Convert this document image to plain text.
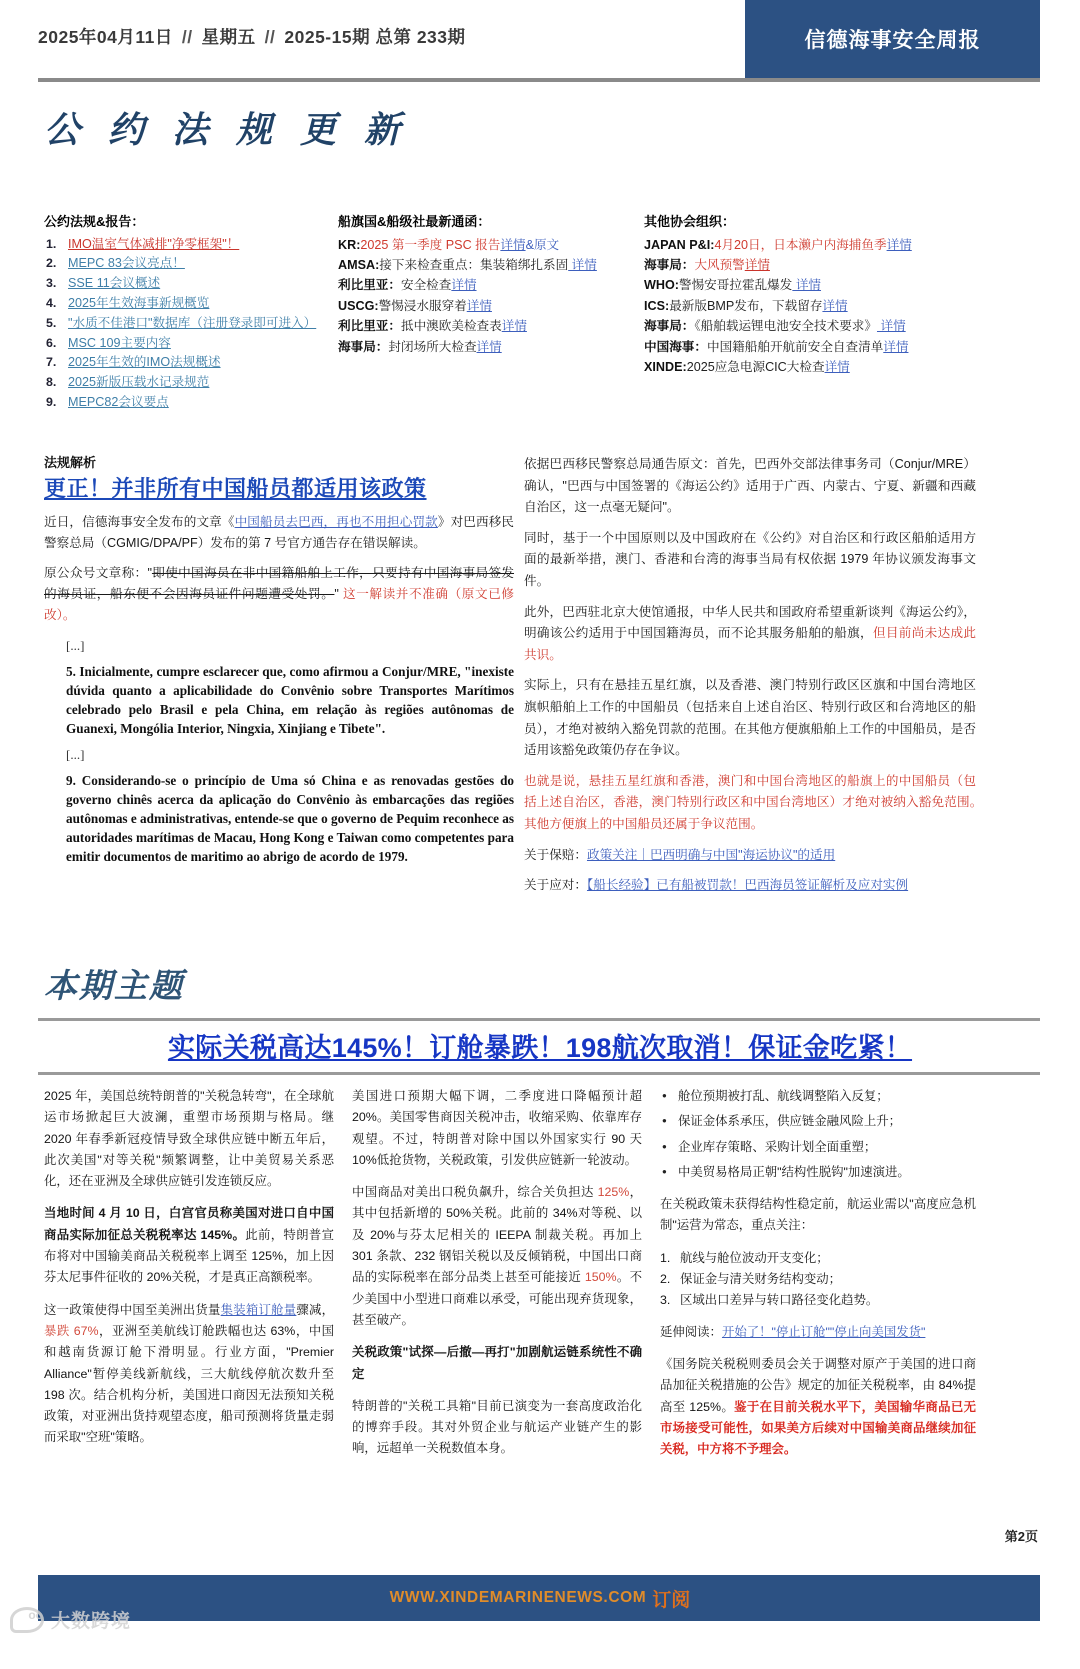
2025年04月11日 // 星期五 // 2025-15期 总第 233期	信德海事安全周报
公 约 法 规 更 新
公约法规&报告：
IMO温室气体减排"净零框架"！
MEPC 83会议亮点！
SSE 11会议概述
2025年生效海事新规概览
"水质不佳港口"数据库（注册登录即可进入）
MSC 109主要内容
2025年生效的IMO法规概述
2025新版压载水记录规范
MEPC82会议要点
船旗国&船级社最新通函：
KR:2025 第一季度 PSC 报告详情&原文
AMSA:接下来检查重点：集装箱绑扎系固 详情
利比里亚：安全检查详情
USCG:警惕浸水服穿着详情
利比里亚：抵中澳欧美检查表详情
海事局：封闭场所大检查详情
其他协会组织：
JAPAN P&I:4月20日，日本濑户内海捕鱼季详情
海事局：大风预警详情
WHO:警惕安哥拉霍乱爆发 详情
ICS:最新版BMP发布，下载留存详情
海事局：《船舶载运锂电池安全技术要求》 详情
中国海事：中国籍船舶开航前安全自查清单详情
XINDE:2025应急电源CIC大检查详情
法规解析
更正！并非所有中国船员都适用该政策

近日，信德海事安全发布的文章《中国船员去巴西，再也不用担心罚款》对巴西移民警察总局（CGMIG/DPA/PF）发布的第 7 号官方通告存在错误解读。

原公众号文章称："即使中国海员在非中国籍船舶上工作，只要持有中国海事局签发的海员证，船东便不会因海员证件问题遭受处罚。" 这一解读并不准确（原文已修改）。

[...]
5. Inicialmente, cumpre esclarecer que, como afirmou a Conjur/MRE, "inexiste dúvida quanto a aplicabilidade do Convênio sobre Transportes Marítimos celebrado pelo Brasil e pela China, em relação às regiões autônomas de Guanexi, Mongólia Interior, Ningxia, Xinjiang e Tibete".
[...]
9. Considerando-se o princípio de Uma só China e as renovadas gestões do governo chinês acerca da aplicação do Convênio às embarcações das regiões autônomas e administrativas, entende-se que o governo de Pequim reconhece as autoridades marítimas de Macau, Hong Kong e Taiwan como competentes para emitir documentos de maritimo ao abrigo de acordo de 1979.

依据巴西移民警察总局通告原文：首先，巴西外交部法律事务司（Conjur/MRE）确认，"巴西与中国签署的《海运公约》适用于广西、内蒙古、宁夏、新疆和西藏自治区，这一点毫无疑问"。

同时，基于一个中国原则以及中国政府在《公约》对自治区和行政区船舶适用方面的最新举措，澳门、香港和台湾的海事当局有权依据 1979 年协议颁发海事文件。

此外，巴西驻北京大使馆通报，中华人民共和国政府希望重新谈判《海运公约》，明确该公约适用于中国国籍海员，而不论其服务船舶的船旗，但目前尚未达成此共识。

实际上，只有在悬挂五星红旗，以及香港、澳门特别行政区区旗和中国台湾地区旗帜船舶上工作的中国船员（包括来自上述自治区、特别行政区和台湾地区的船员），才绝对被纳入豁免罚款的范围。在其他方便旗船舶上工作的中国船员，是否适用该豁免政策仍存在争议。

也就是说，悬挂五星红旗和香港，澳门和中国台湾地区的船旗上的中国船员（包括上述自治区，香港，澳门特别行政区和中国台湾地区）才绝对被纳入豁免范围。　其他方便旗上的中国船员还属于争议范围。

关于保赔：政策关注｜巴西明确与中国"海运协议"的适用

关于应对：【船长经验】已有船被罚款！巴西海员签证解析及应对实例

本期主题
实际关税高达145%！订舱暴跌！198航次取消！保证金吃紧！

2025 年，美国总统特朗普的"关税急转弯"，在全球航运市场掀起巨大波澜，重塑市场预期与格局。继 2020 年春季新冠疫情导致全球供应链中断五年后，此次美国"对等关税"频繁调整，让中美贸易关系恶化，还在亚洲及全球供应链引发连锁反应。

当地时间 4 月 10 日，白宫官员称美国对进口自中国商品实际加征总关税税率达 145%。此前，特朗普宣布将对中国输美商品关税税率上调至 125%，加上因芬太尼事件征收的 20%关税，才是真正高额税率。

这一政策使得中国至美洲出货量集装箱订舱量骤减，暴跌 67%，亚洲至美航线订舱跌幅也达 63%，中国和越南货源订舱下滑明显。行业方面，"Premier Alliance"暂停美线新航线，三大航线停航次数升至 198 次。结合机构分析，美国进口商因无法预知关税政策，对亚洲出货持观望态度，船司预测将货量走弱而采取"空班"策略。

美国进口预期大幅下调，二季度进口降幅预计超 20%。美国零售商因关税冲击，收缩采购、依靠库存观望。不过，特朗普对除中国以外国家实行 90 天 10%低抢货物，关税政策，引发供应链新一轮波动。

中国商品对美出口税负飙升，综合关负担达 125%，其中包括新增的 50%关税。此前的 34%对等税、以及 20%与芬太尼相关的 IEEPA 制裁关税。再加上 301 条款、232 钢铝关税以及反倾销税，中国出口商品的实际税率在部分品类上甚至可能接近 150%。不少美国中小型进口商难以承受，可能出现弃货现象，甚至破产。

关税政策"试探—后撤—再打"加剧航运链系统性不确定

特朗普的"关税工具箱"目前已演变为一套高度政治化的博弈手段。其对外贸企业与航运产业链产生的影响，远超单一关税数值本身。

● 舱位预期被打乱、航线调整陷入反复；
● 保证金体系承压，供应链金融风险上升；
● 企业库存策略、采购计划全面重塑；
● 中美贸易格局正朝"结构性脱钩"加速演进。

在关税政策未获得结构性稳定前，航运业需以"高度应急机制"运营为常态，重点关注：

航线与舱位波动开支变化；
保证金与清关财务结构变动；
区域出口差异与转口路径变化趋势。

延伸阅读：开始了！"停止订舱""停止向美国发货"

《国务院关税税则委员会关于调整对原产于美国的进口商品加征关税措施的公告》规定的加征关税税率，由 84%提高至 125%。鉴于在目前关税水平下，美国输华商品已无市场接受可能性，如果美方后续对中国输美商品继续加征关税，中方将不予理会。

第2页
WWW.XINDEMARINENEWS.COM 订阅
oo
大数跨境
